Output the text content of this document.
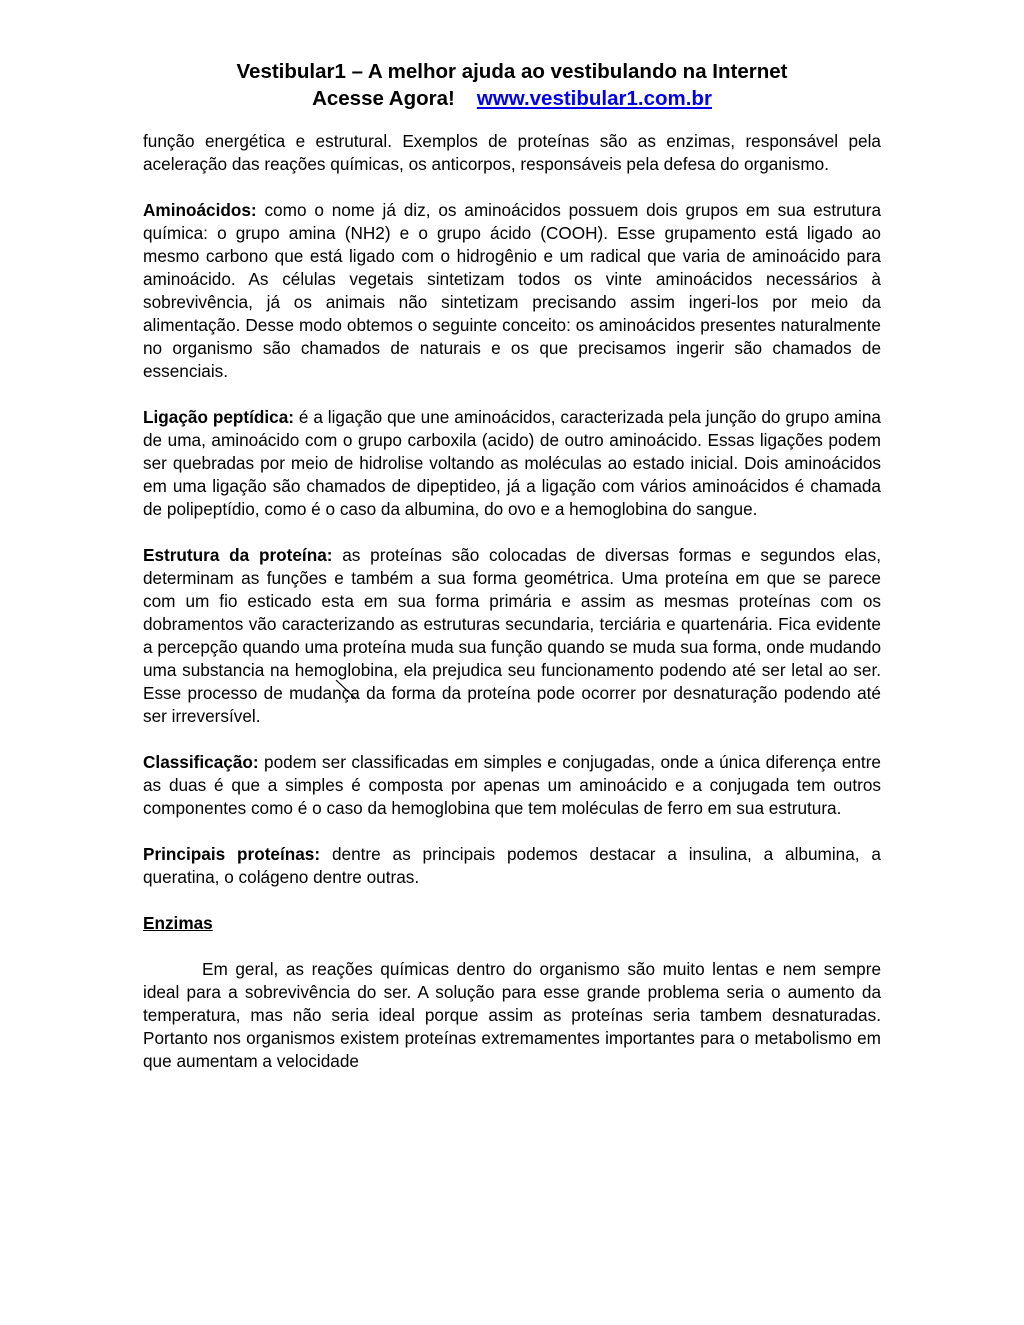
Vestibular1 – A melhor ajuda ao vestibulando na Internet
Acesse Agora! www.vestibular1.com.br

função energética e estrutural. Exemplos de proteínas são as enzimas, responsável pela aceleração das reações químicas, os anticorpos, responsáveis pela defesa do organismo.

Aminoácidos: como o nome já diz, os aminoácidos possuem dois grupos em sua estrutura química: o grupo amina (NH2) e o grupo ácido (COOH). Esse grupamento está ligado ao mesmo carbono que está ligado com o hidrogênio e um radical que varia de aminoácido para aminoácido. As células vegetais sintetizam todos os vinte aminoácidos necessários à sobrevivência, já os animais não sintetizam precisando assim ingeri-los por meio da alimentação. Desse modo obtemos o seguinte conceito: os aminoácidos presentes naturalmente no organismo são chamados de naturais e os que precisamos ingerir são chamados de essenciais.

Ligação peptídica: é a ligação que une aminoácidos, caracterizada pela junção do grupo amina de uma, aminoácido com o grupo carboxila (acido) de outro aminoácido. Essas ligações podem ser quebradas por meio de hidrolise voltando as moléculas ao estado inicial. Dois aminoácidos em uma ligação são chamados de dipeptideo, já a ligação com vários aminoácidos é chamada de polipeptídio, como é o caso da albumina, do ovo e a hemoglobina do sangue.

Estrutura da proteína: as proteínas são colocadas de diversas formas e segundos elas, determinam as funções e também a sua forma geométrica. Uma proteína em que se parece com um fio esticado esta em sua forma primária e assim as mesmas proteínas com os dobramentos vão caracterizando as estruturas secundaria, terciária e quartenária. Fica evidente a percepção quando uma proteína muda sua função quando se muda sua forma, onde mudando uma substancia na hemoglobina, ela prejudica seu funcionamento podendo até ser letal ao ser. Esse processo de mudança da forma da proteína pode ocorrer por desnaturação podendo até ser irreversível.

Classificação: podem ser classificadas em simples e conjugadas, onde a única diferença entre as duas é que a simples é composta por apenas um aminoácido e a conjugada tem outros componentes como é o caso da hemoglobina que tem moléculas de ferro em sua estrutura.

Principais proteínas: dentre as principais podemos destacar a insulina, a albumina, a queratina, o colágeno dentre outras.

Enzimas

Em geral, as reações químicas dentro do organismo são muito lentas e nem sempre ideal para a sobrevivência do ser. A solução para esse grande problema seria o aumento da temperatura, mas não seria ideal porque assim as proteínas seria tambem desnaturadas. Portanto nos organismos existem proteínas extremamentes importantes para o metabolismo em que aumentam a velocidade
